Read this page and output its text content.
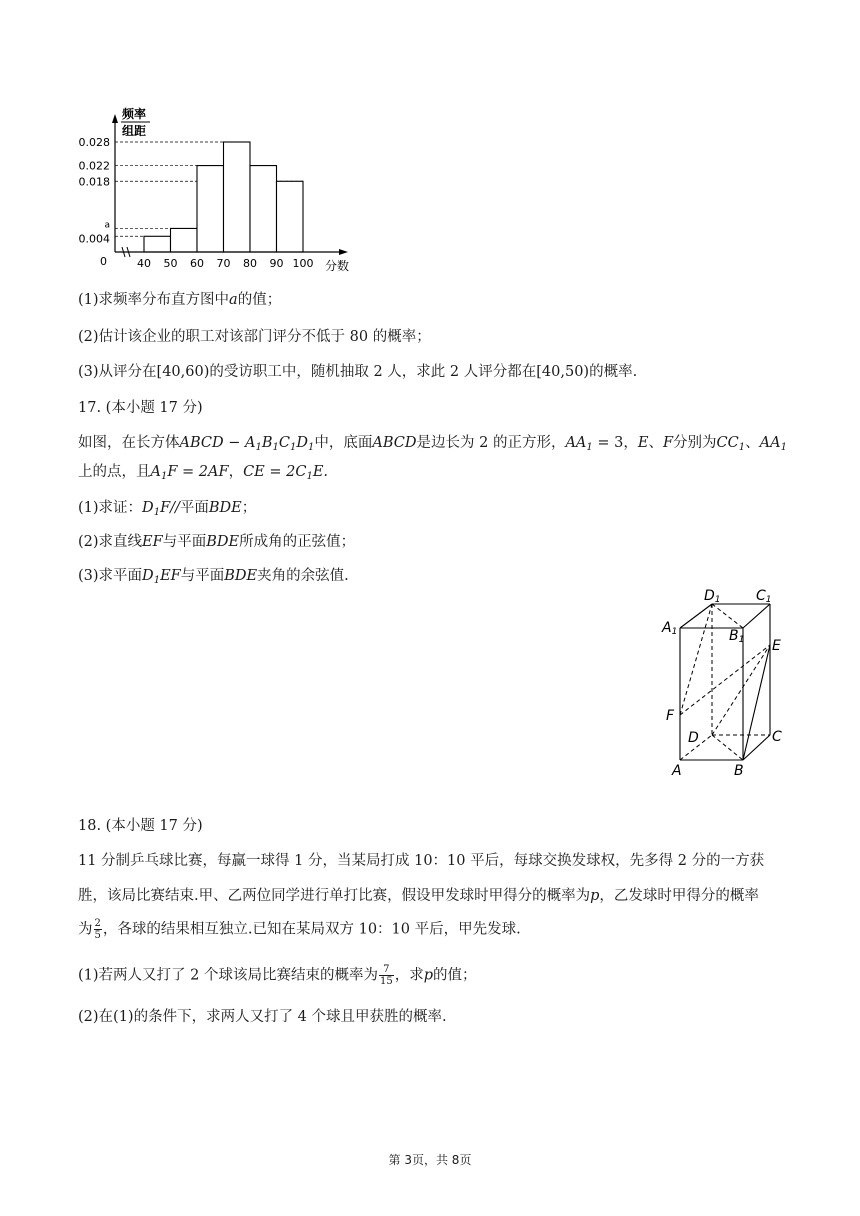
频率
组距
0	分数
40 50 60 70 80 90 100
0.028
0.022
0.018
a
0.004
(1)求频率分布直方图中a的值；
(2)估计该企业的职工对该部门评分不低于 80 的概率；
(3)从评分在[40,60)的受访职工中，随机抽取 2 人，求此 2 人评分都在[40,50)的概率.
17. (本小题 17 分)
如图，在长方体ABCD − $A_1B_1C_1D_1$中，底面ABCD是边长为 2 的正方形，$AA_1 = 3$，E、F分别为$CC_1$、$AA_1$
上的点，且$A_1F = 2AF$，CE = $2C_1E$.
(1)求证：$D_1F//$平面BDE；
(2)求直线EF与平面BDE所成角的正弦值；
(3)求平面$D_1EF$与平面BDE夹角的余弦值.
D1	C1
A1	B1 E
F
D	C
A	B
18. (本小题 17 分)
11 分制乒乓球比赛，每赢一球得 1 分，当某局打成 10：10 平后，每球交换发球权，先多得 2 分的一方获
胜，该局比赛结束.甲、乙两位同学进行单打比赛，假设甲发球时甲得分的概率为p，乙发球时甲得分的概率
为 $\frac{2}{5}$ ，各球的结果相互独立.已知在某局双方 10：10 平后，甲先发球.
(1)若两人又打了 2 个球该局比赛结束的概率为 $\frac{7}{15}$ ，求p的值；
(2)在(1)的条件下，求两人又打了 4 个球且甲获胜的概率.
第 3页，共 8页
